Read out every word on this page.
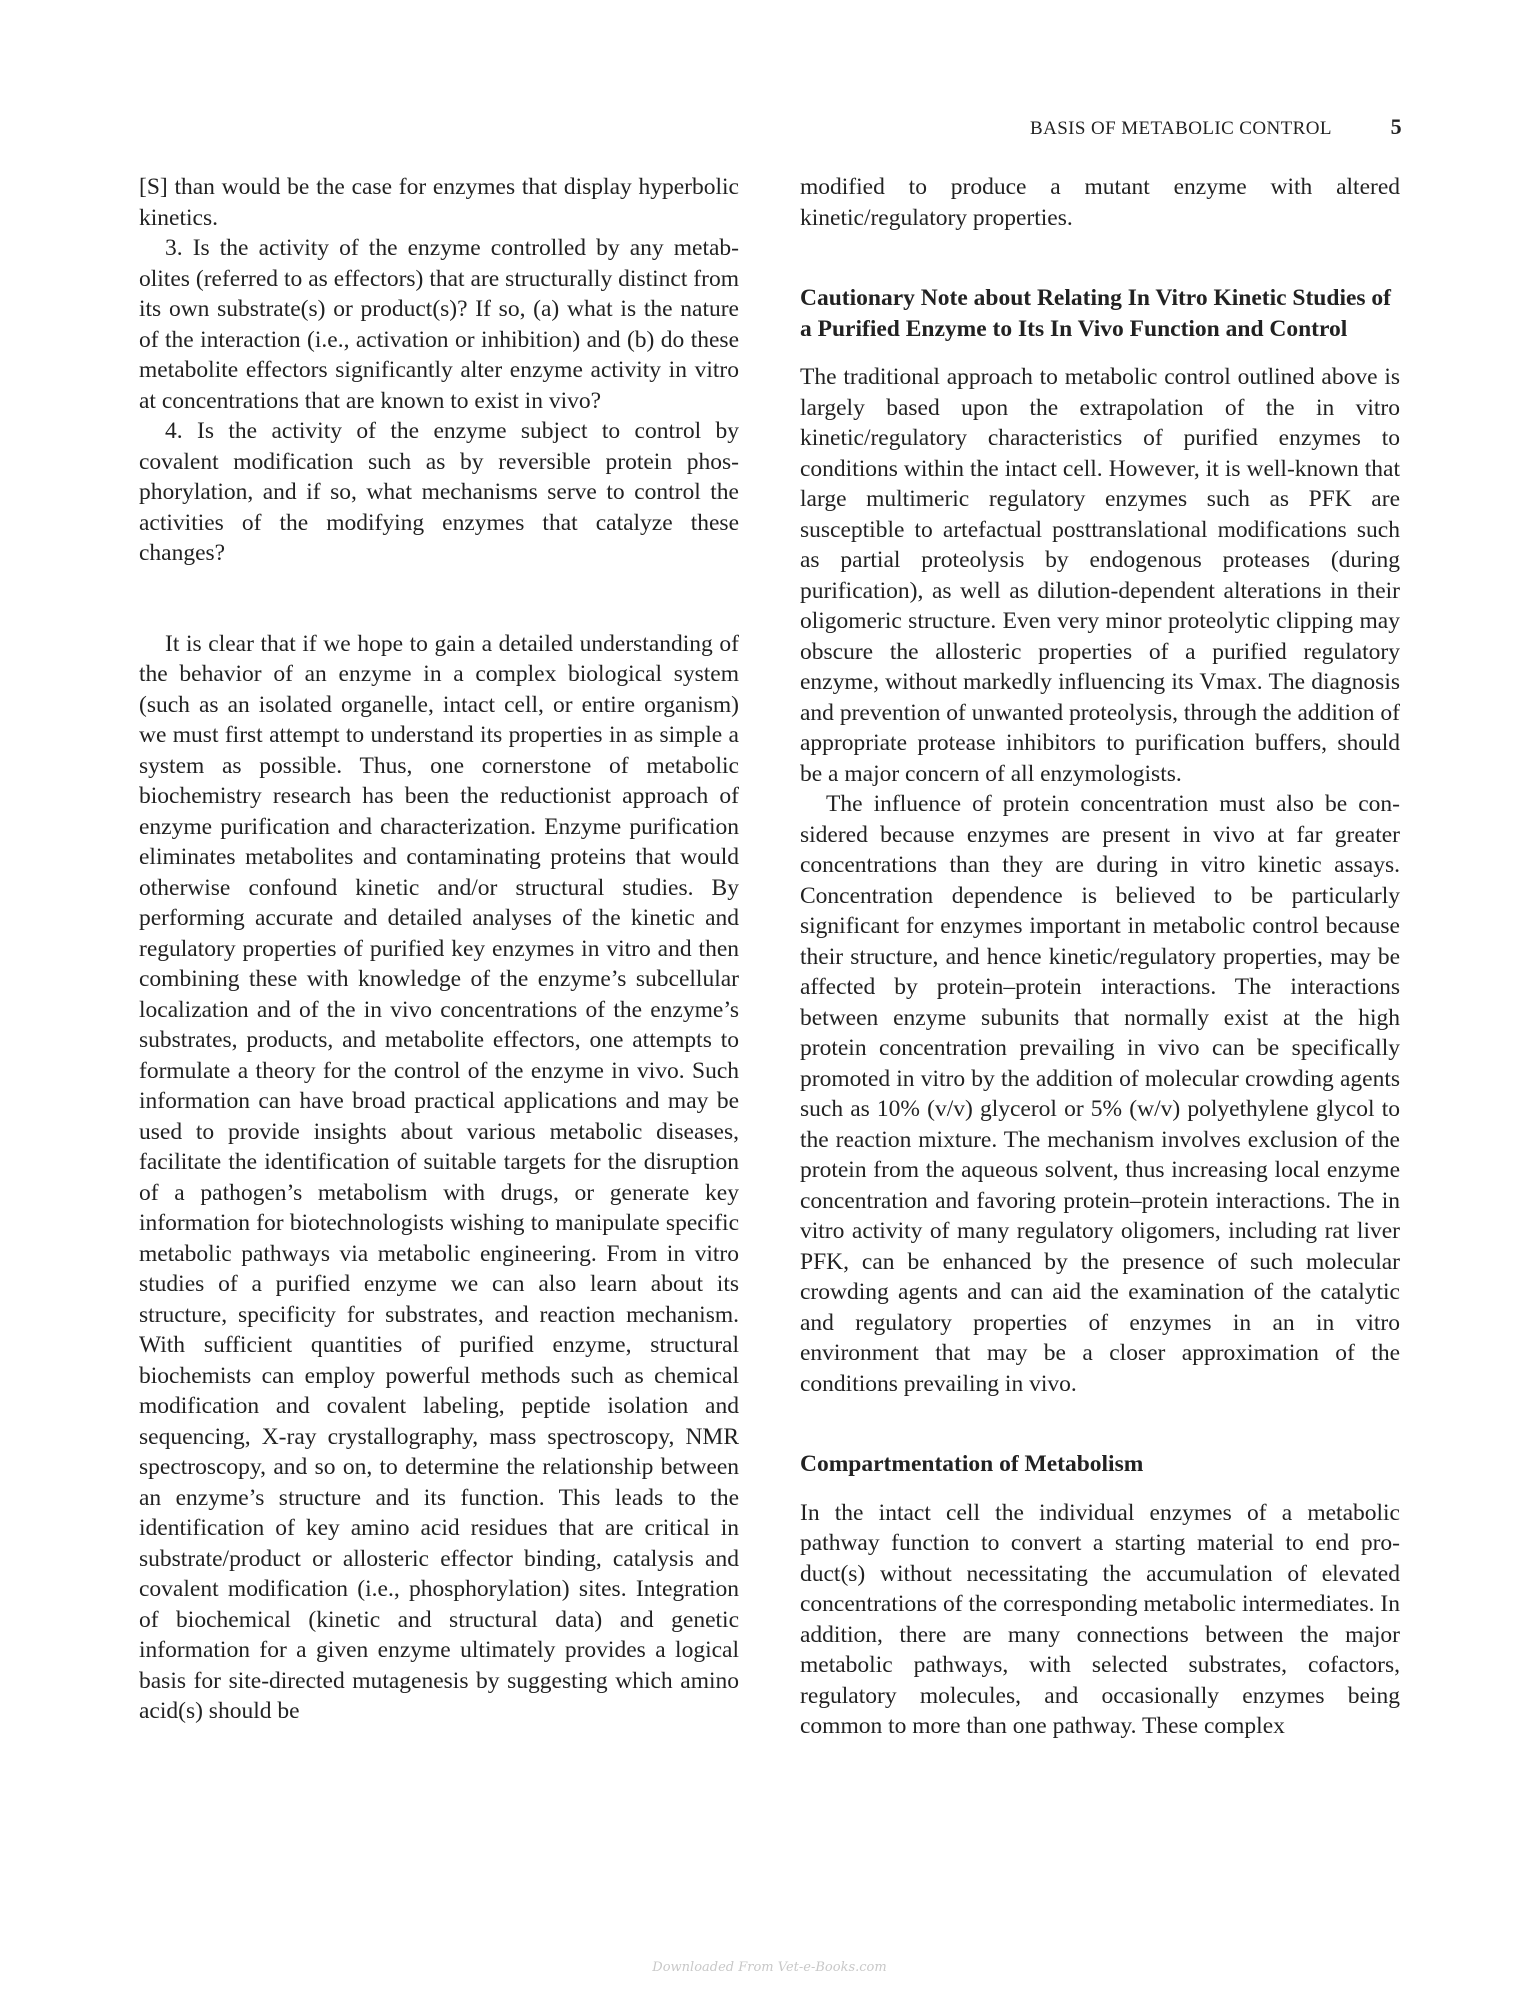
BASIS OF METABOLIC CONTROL	5

[S] than would be the case for enzymes that display hyperbolic kinetics.

3. Is the activity of the enzyme controlled by any metabolites (referred to as effectors) that are structurally distinct from its own substrate(s) or product(s)? If so, (a) what is the nature of the interaction (i.e., activation or inhibition) and (b) do these metabolite effectors significantly alter enzyme activity in vitro at concentrations that are known to exist in vivo?

4. Is the activity of the enzyme subject to control by covalent modification such as by reversible protein phosphorylation, and if so, what mechanisms serve to control the activities of the modifying enzymes that catalyze these changes?

It is clear that if we hope to gain a detailed understanding of the behavior of an enzyme in a complex biological system (such as an isolated organelle, intact cell, or entire organism) we must first attempt to understand its properties in as simple a system as possible. Thus, one cornerstone of metabolic biochemistry research has been the reductionist approach of enzyme purification and characterization. Enzyme purification eliminates metabolites and contaminating proteins that would otherwise confound kinetic and/or structural studies. By performing accurate and detailed analyses of the kinetic and regulatory properties of purified key enzymes in vitro and then combining these with knowledge of the enzyme’s subcellular localization and of the in vivo concentrations of the enzyme’s substrates, products, and metabolite effectors, one attempts to formulate a theory for the control of the enzyme in vivo. Such information can have broad practical applications and may be used to provide insights about various metabolic diseases, facilitate the identification of suitable targets for the disruption of a pathogen’s metabolism with drugs, or generate key information for biotechnologists wishing to manipulate specific metabolic pathways via metabolic engineering. From in vitro studies of a purified enzyme we can also learn about its structure, specificity for substrates, and reaction mechanism. With sufficient quantities of purified enzyme, structural biochemists can employ powerful methods such as chemical modification and covalent labeling, peptide isolation and sequencing, X-ray crystallography, mass spectroscopy, NMR spectroscopy, and so on, to determine the relationship between an enzyme’s structure and its function. This leads to the identification of key amino acid residues that are critical in substrate/product or allosteric effector binding, catalysis and covalent modification (i.e., phosphorylation) sites. Integration of biochemical (kinetic and structural data) and genetic information for a given enzyme ultimately provides a logical basis for site-directed mutagenesis by suggesting which amino acid(s) should be

modified to produce a mutant enzyme with altered kinetic/regulatory properties.

Cautionary Note about Relating In Vitro Kinetic Studies of a Purified Enzyme to Its In Vivo Function and Control

The traditional approach to metabolic control outlined above is largely based upon the extrapolation of the in vitro kinetic/regulatory characteristics of purified enzymes to conditions within the intact cell. However, it is well-known that large multimeric regulatory enzymes such as PFK are susceptible to artefactual posttranslational modifications such as partial proteolysis by endogenous proteases (during purification), as well as dilution-dependent alterations in their oligomeric structure. Even very minor proteolytic clipping may obscure the allosteric properties of a purified regulatory enzyme, without markedly influencing its Vmax. The diagnosis and prevention of unwanted proteolysis, through the addition of appropriate protease inhibitors to purification buffers, should be a major concern of all enzymologists.

The influence of protein concentration must also be considered because enzymes are present in vivo at far greater concentrations than they are during in vitro kinetic assays. Concentration dependence is believed to be particularly significant for enzymes important in metabolic control because their structure, and hence kinetic/regulatory properties, may be affected by protein–protein interactions. The interactions between enzyme subunits that normally exist at the high protein concentration prevailing in vivo can be specifically promoted in vitro by the addition of molecular crowding agents such as 10% (v/v) glycerol or 5% (w/v) polyethylene glycol to the reaction mixture. The mechanism involves exclusion of the protein from the aqueous solvent, thus increasing local enzyme concentration and favoring protein–protein interactions. The in vitro activity of many regulatory oligomers, including rat liver PFK, can be enhanced by the presence of such molecular crowding agents and can aid the examination of the catalytic and regulatory properties of enzymes in an in vitro environment that may be a closer approximation of the conditions prevailing in vivo.

Compartmentation of Metabolism

In the intact cell the individual enzymes of a metabolic pathway function to convert a starting material to end product(s) without necessitating the accumulation of elevated concentrations of the corresponding metabolic intermediates. In addition, there are many connections between the major metabolic pathways, with selected substrates, cofactors, regulatory molecules, and occasionally enzymes being common to more than one pathway. These complex

Downloaded From Vet-e-Books.com
